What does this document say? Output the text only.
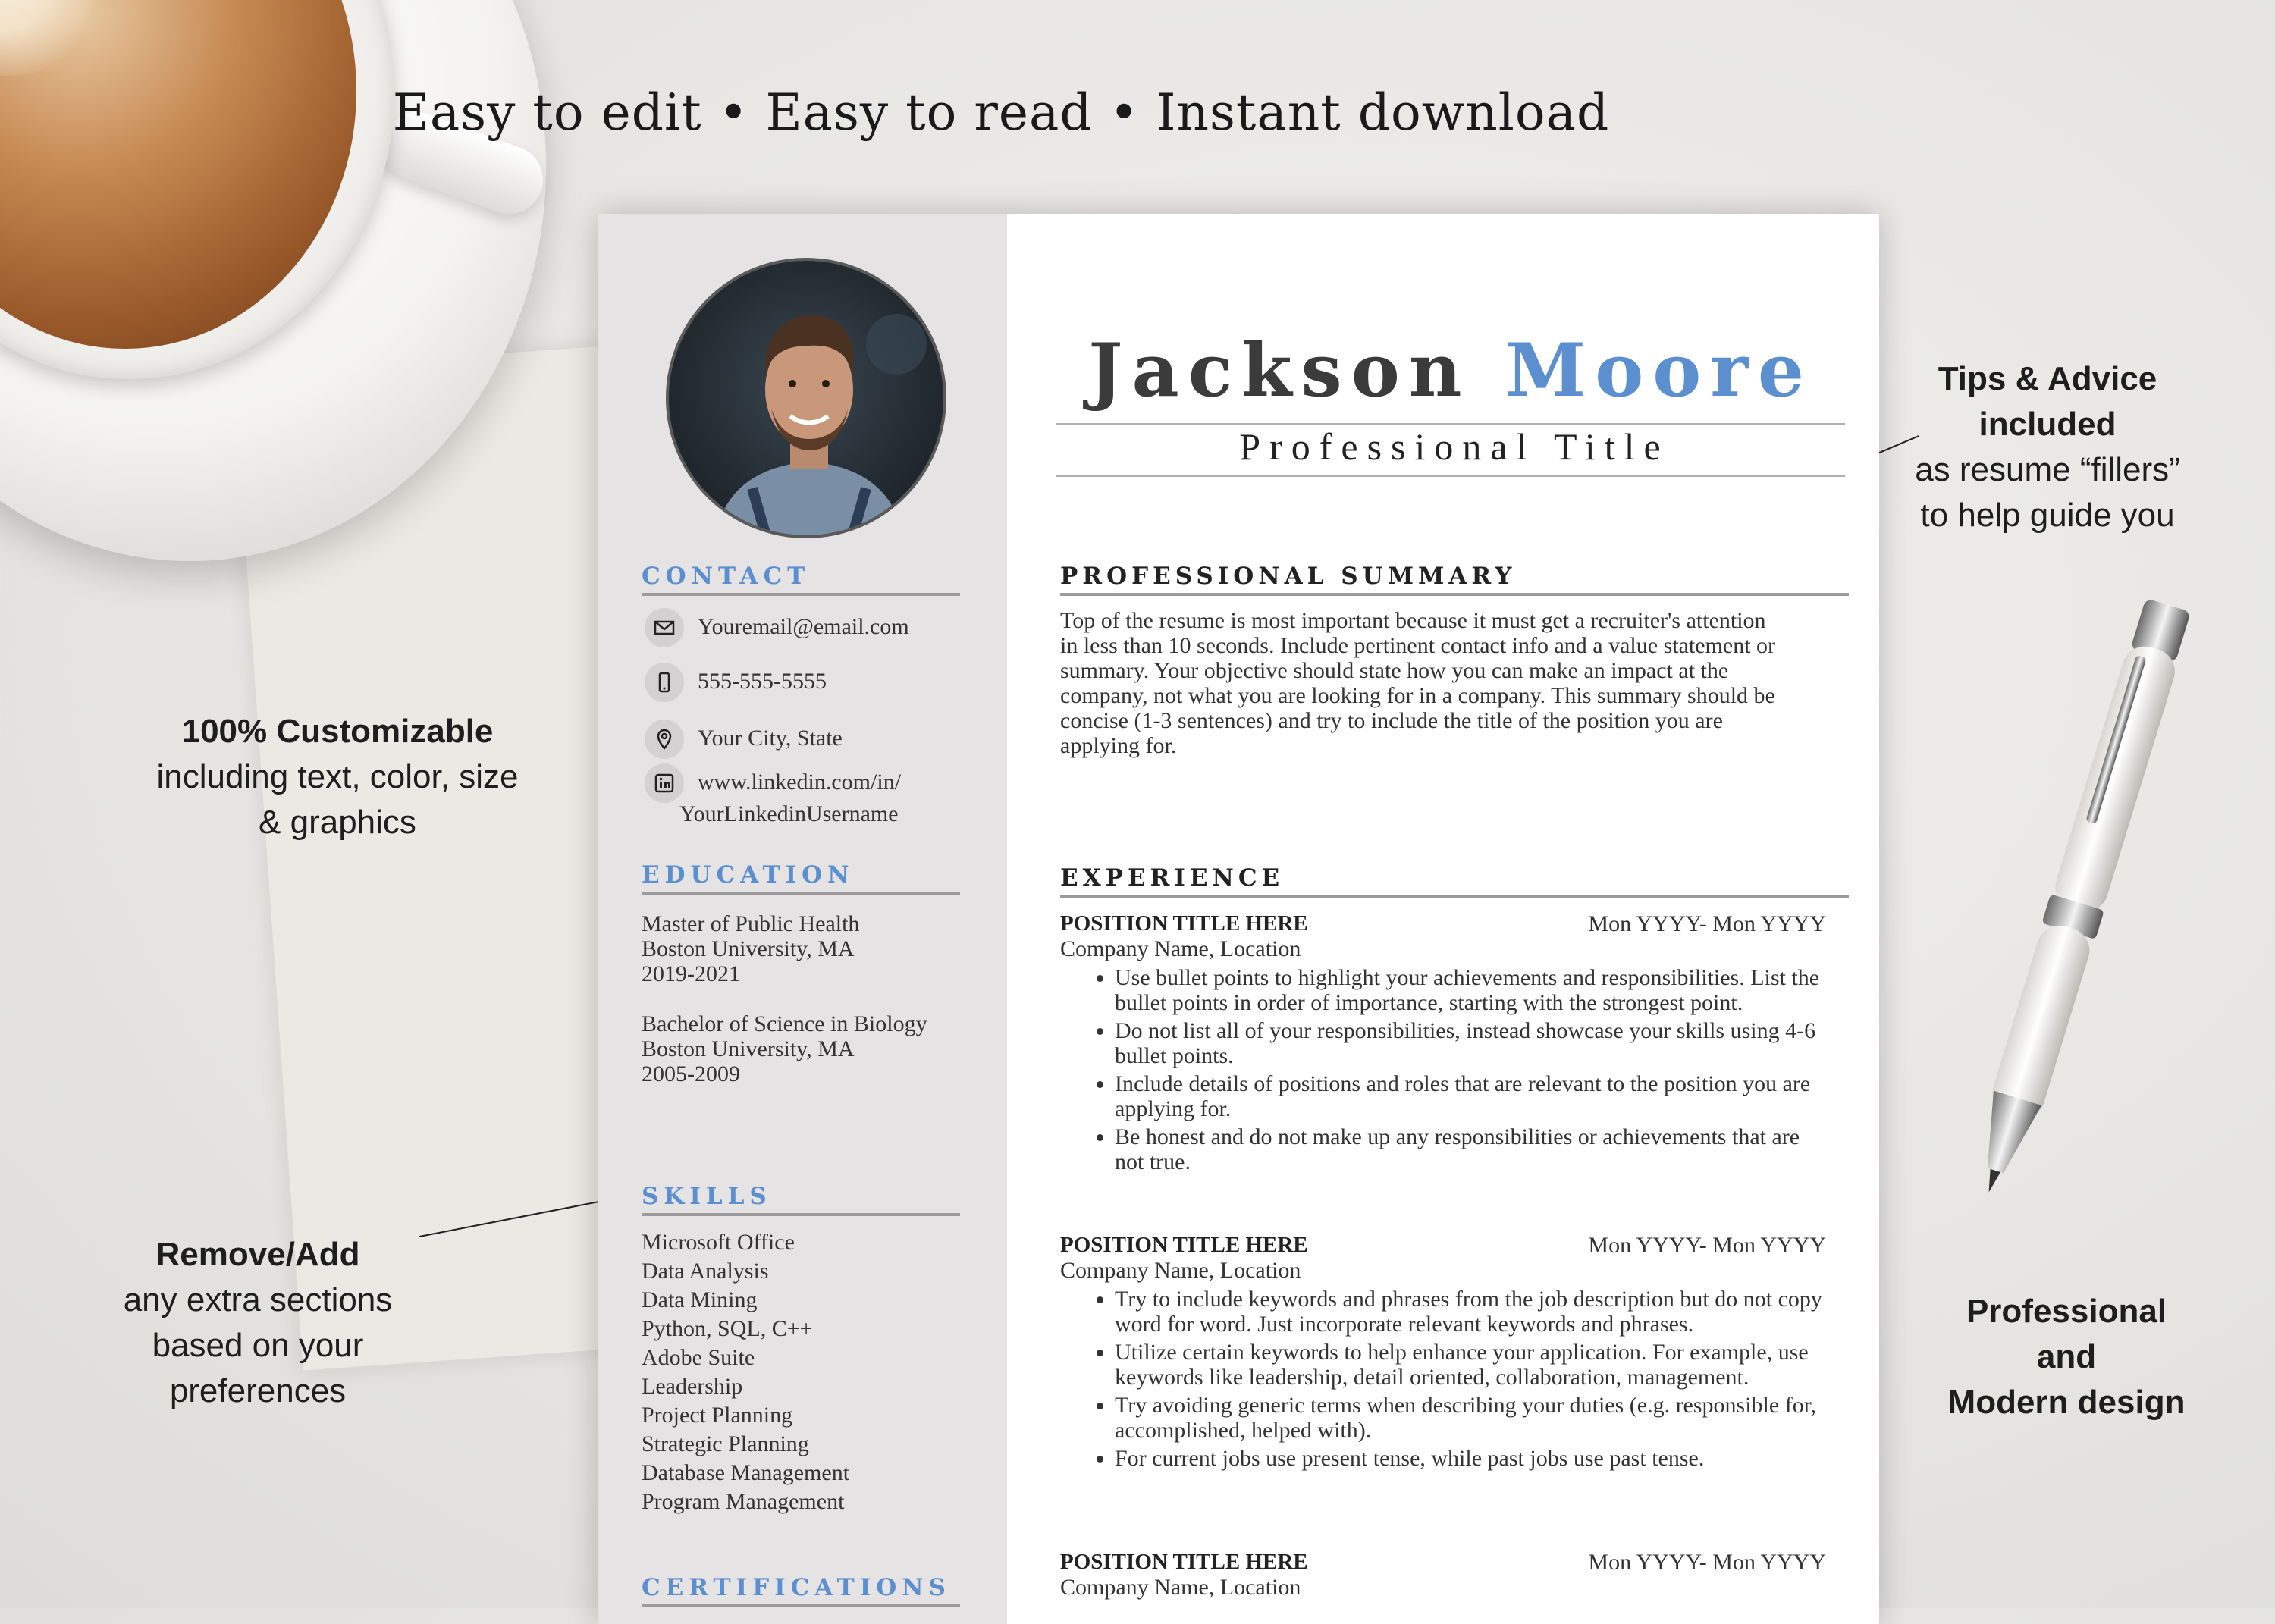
Easy to edit • Easy to read • Instant download
Tips & Advice
included
as resume “fillers”
to help guide you
100% Customizable
including text, color, size
& graphics
Remove/Add
any extra sections
based on your
preferences
Professional
and
Modern design
CONTACT
Youremail@email.com
555-555-5555
Your City, State
www.linkedin.com/in/
YourLinkedinUsername
EDUCATION
Master of Public Health
Boston University, MA
2019-2021
Bachelor of Science in Biology
Boston University, MA
2005-2009
SKILLS
Microsoft Office
Data Analysis
Data Mining
Python, SQL, C++
Adobe Suite
Leadership
Project Planning
Strategic Planning
Database Management
Program Management
CERTIFICATIONS
Jackson Moore
Professional Title
PROFESSIONAL SUMMARY
Top of the resume is most important because it must get a recruiter's attention in less than 10 seconds. Include pertinent contact info and a value statement or summary. Your objective should state how you can make an impact at the company, not what you are looking for in a company. This summary should be concise (1-3 sentences) and try to include the title of the position you are applying for.
EXPERIENCE
POSITION TITLE HERE	Mon YYYY- Mon YYYY
Company Name, Location
• Use bullet points to highlight your achievements and responsibilities. List the bullet points in order of importance, starting with the strongest point.
• Do not list all of your responsibilities, instead showcase your skills using 4-6 bullet points.
• Include details of positions and roles that are relevant to the position you are applying for.
• Be honest and do not make up any responsibilities or achievements that are not true.
POSITION TITLE HERE	Mon YYYY- Mon YYYY
Company Name, Location
• Try to include keywords and phrases from the job description but do not copy word for word. Just incorporate relevant keywords and phrases.
• Utilize certain keywords to help enhance your application. For example, use keywords like leadership, detail oriented, collaboration, management.
• Try avoiding generic terms when describing your duties (e.g. responsible for, accomplished, helped with).
• For current jobs use present tense, while past jobs use past tense.
POSITION TITLE HERE	Mon YYYY- Mon YYYY
Company Name, Location
